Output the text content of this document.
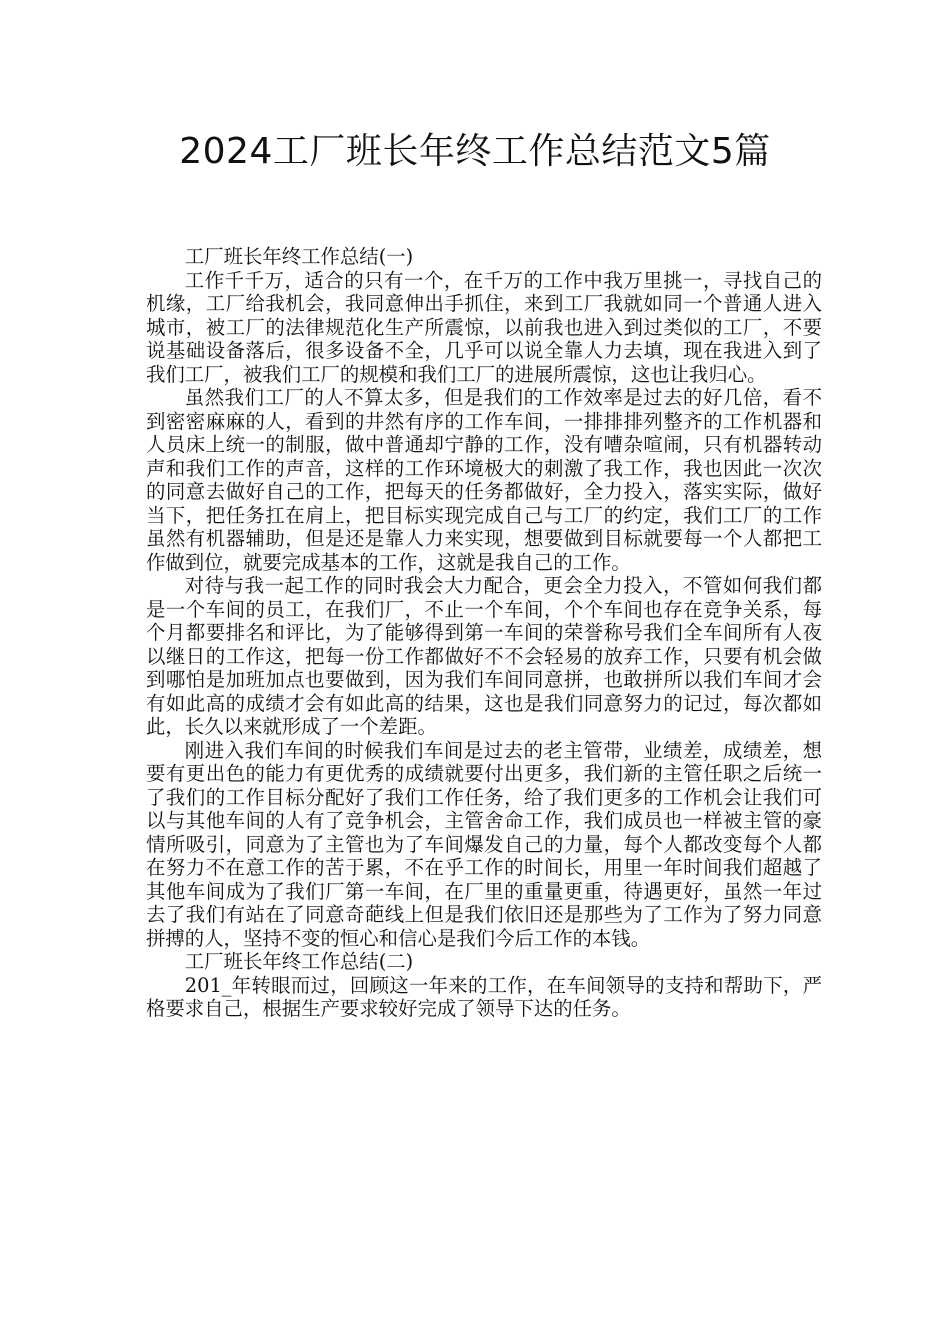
2024工厂班长年终工作总结范文5篇

工厂班长年终工作总结(一)

工作千千万，适合的只有一个，在千万的工作中我万里挑一，寻找自己的机缘，工厂给我机会，我同意伸出手抓住，来到工厂我就如同一个普通人进入城市，被工厂的法律规范化生产所震惊，以前我也进入到过类似的工厂，不要说基础设备落后，很多设备不全，几乎可以说全靠人力去填，现在我进入到了我们工厂，被我们工厂的规模和我们工厂的进展所震惊，这也让我归心。

虽然我们工厂的人不算太多，但是我们的工作效率是过去的好几倍，看不到密密麻麻的人，看到的井然有序的工作车间，一排排排列整齐的工作机器和人员床上统一的制服，做中普通却宁静的工作，没有嘈杂喧闹，只有机器转动声和我们工作的声音，这样的工作环境极大的刺激了我工作，我也因此一次次的同意去做好自己的工作，把每天的任务都做好，全力投入，落实实际，做好当下，把任务扛在肩上，把目标实现完成自己与工厂的约定，我们工厂的工作虽然有机器辅助，但是还是靠人力来实现，想要做到目标就要每一个人都把工作做到位，就要完成基本的工作，这就是我自己的工作。

对待与我一起工作的同时我会大力配合，更会全力投入，不管如何我们都是一个车间的员工，在我们厂，不止一个车间，个个车间也存在竞争关系，每个月都要排名和评比，为了能够得到第一车间的荣誉称号我们全车间所有人夜以继日的工作这，把每一份工作都做好不不会轻易的放弃工作，只要有机会做到哪怕是加班加点也要做到，因为我们车间同意拼，也敢拼所以我们车间才会有如此高的成绩才会有如此高的结果，这也是我们同意努力的记过，每次都如此，长久以来就形成了一个差距。

刚进入我们车间的时候我们车间是过去的老主管带，业绩差，成绩差，想要有更出色的能力有更优秀的成绩就要付出更多，我们新的主管任职之后统一了我们的工作目标分配好了我们工作任务，给了我们更多的工作机会让我们可以与其他车间的人有了竞争机会，主管舍命工作，我们成员也一样被主管的豪情所吸引，同意为了主管也为了车间爆发自己的力量，每个人都改变每个人都在努力不在意工作的苦于累，不在乎工作的时间长，用里一年时间我们超越了其他车间成为了我们厂第一车间，在厂里的重量更重，待遇更好，虽然一年过去了我们有站在了同意奇葩线上但是我们依旧还是那些为了工作为了努力同意拼搏的人，坚持不变的恒心和信心是我们今后工作的本钱。

工厂班长年终工作总结(二)

201_年转眼而过，回顾这一年来的工作，在车间领导的支持和帮助下，严格要求自己，根据生产要求较好完成了领导下达的任务。
